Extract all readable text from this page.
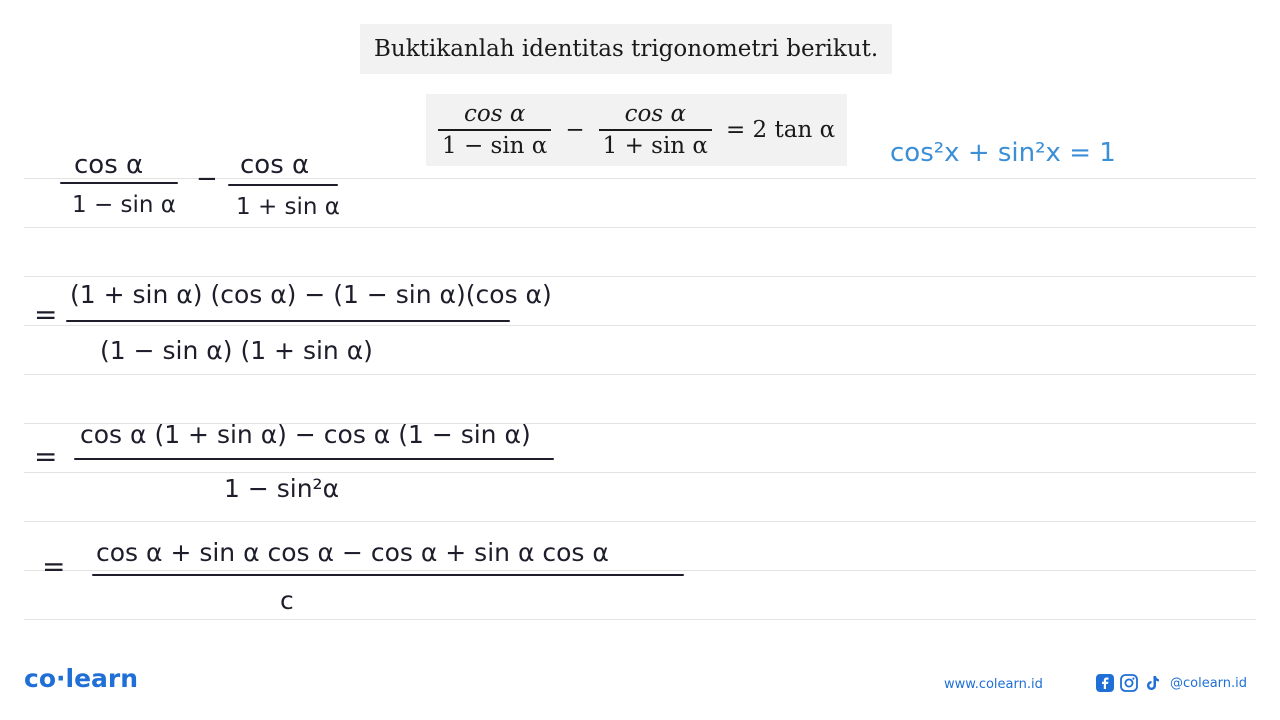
Buktikanlah identitas trigonometri berikut.
$\frac{\text{cos α}}{\text{1 − sin α}} - \frac{\text{cos α}}{\text{1 + sin α}} = 2$ tan α
cos²x + sin²x = 1
cos α
1 − sin α
− cos α
1 + sin α
=
(1 + sin α) (cos α) − (1 − sin α)(cos α)
(1 − sin α) (1 + sin α)
=
cos α (1 + sin α) − cos α (1 − sin α)
1 − sin²α
= cos α + sin α cos α − cos α + sin α cos α
c
co·learn	www.colearn.id	@colearn.id
